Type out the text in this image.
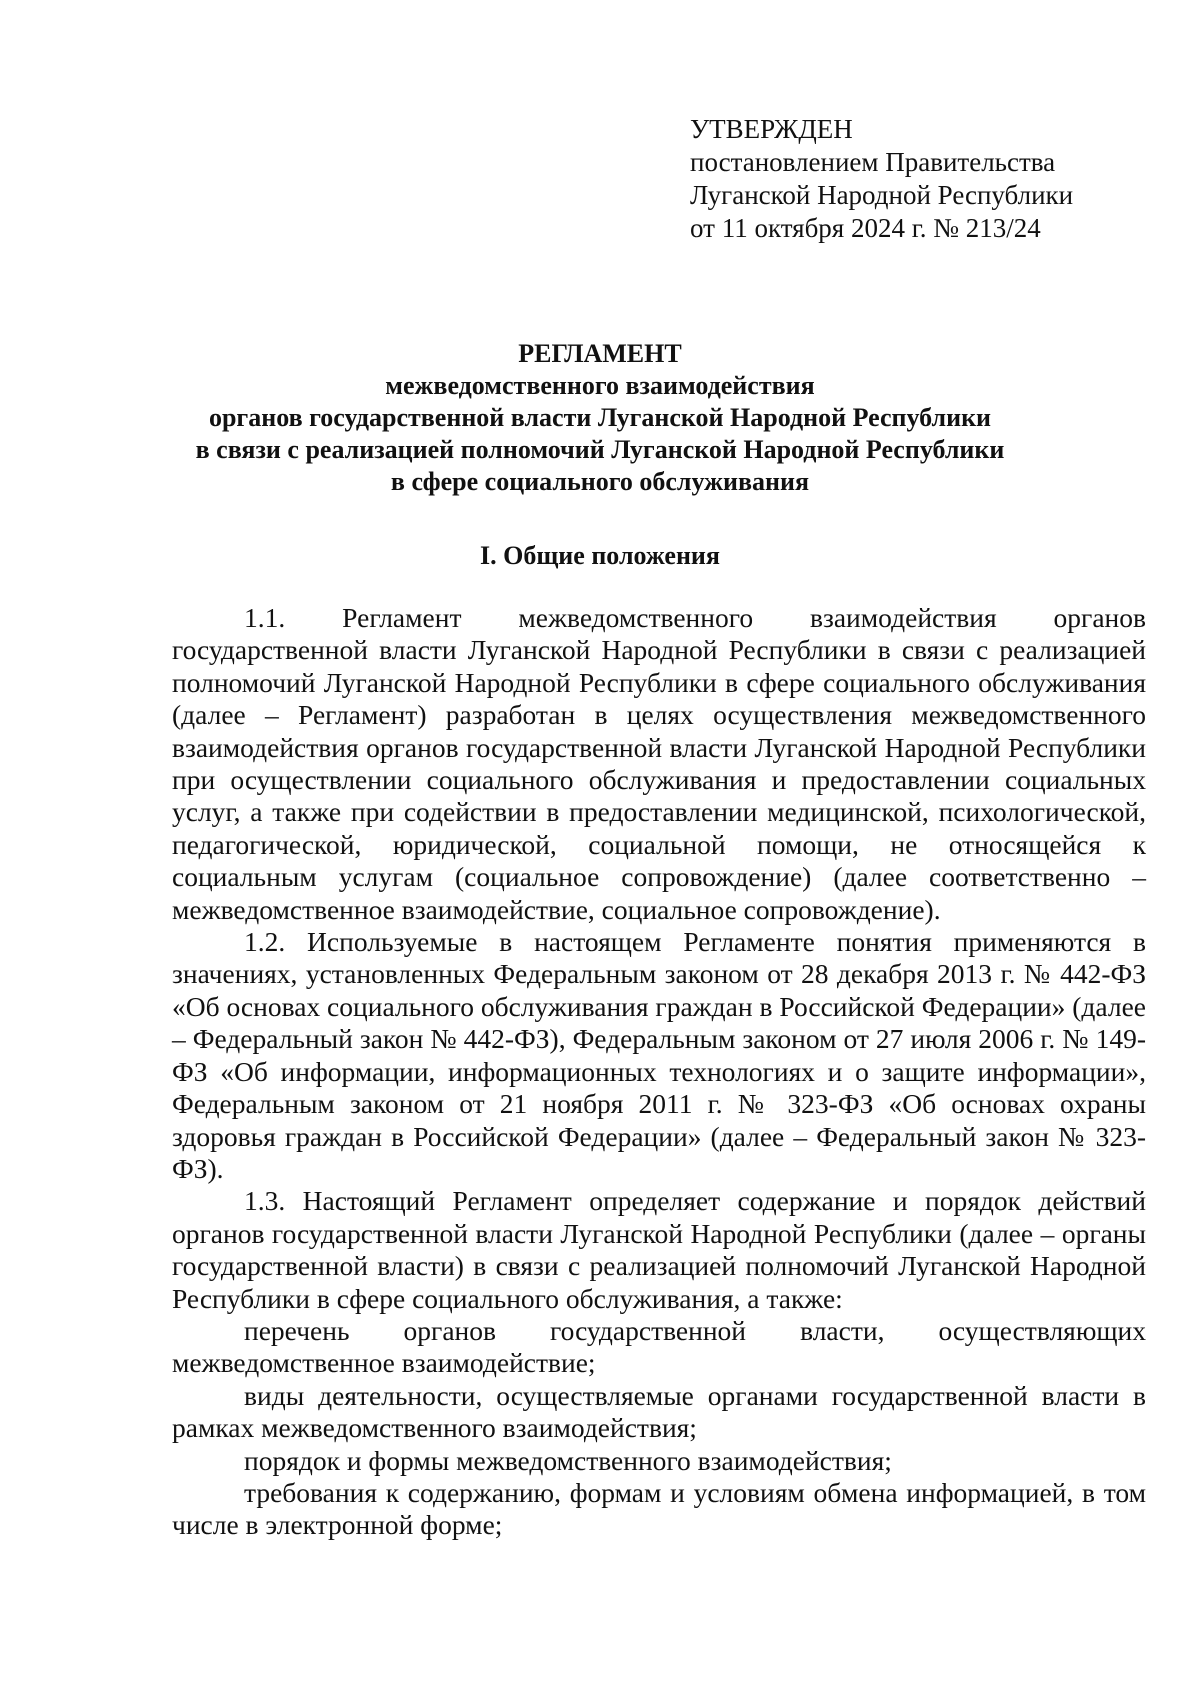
УТВЕРЖДЕН
постановлением Правительства
Луганской Народной Республики
от 11 октября 2024 г. № 213/24
РЕГЛАМЕНТ
межведомственного взаимодействия
органов государственной власти Луганской Народной Республики
в связи с реализацией полномочий Луганской Народной Республики
в сфере социального обслуживания
I. Общие положения

1.1. Регламент межведомственного взаимодействия органов государственной власти Луганской Народной Республики в связи с реализацией полномочий Луганской Народной Республики в сфере социального обслуживания (далее – Регламент) разработан в целях осуществления межведомственного взаимодействия органов государственной власти Луганской Народной Республики при осуществлении социального обслуживания и предоставлении социальных услуг, а также при содействии в предоставлении медицинской, психологической, педагогической, юридической, социальной помощи, не относящейся к социальным услугам (социальное сопровождение) (далее соответственно – межведомственное взаимодействие, социальное сопровождение).

1.2. Используемые в настоящем Регламенте понятия применяются в значениях, установленных Федеральным законом от 28 декабря 2013 г. № 442-ФЗ «Об основах социального обслуживания граждан в Российской Федерации» (далее – Федеральный закон № 442-ФЗ), Федеральным законом от 27 июля 2006 г. № 149-ФЗ «Об информации, информационных технологиях и о защите информации», Федеральным законом от 21 ноября 2011 г. № 323-ФЗ «Об основах охраны здоровья граждан в Российской Федерации» (далее – Федеральный закон № 323-ФЗ).

1.3. Настоящий Регламент определяет содержание и порядок действий органов государственной власти Луганской Народной Республики (далее – органы государственной власти) в связи с реализацией полномочий Луганской Народной Республики в сфере социального обслуживания, а также:

перечень органов государственной власти, осуществляющих межведомственное взаимодействие;

виды деятельности, осуществляемые органами государственной власти в рамках межведомственного взаимодействия;

порядок и формы межведомственного взаимодействия;

требования к содержанию, формам и условиям обмена информацией, в том числе в электронной форме;
